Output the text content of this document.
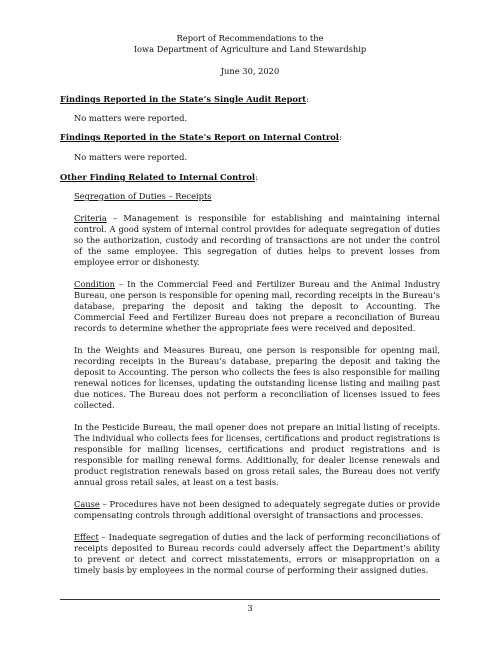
Report of Recommendations to the
Iowa Department of Agriculture and Land Stewardship
June 30, 2020
Findings Reported in the State’s Single Audit Report:
No matters were reported.
Findings Reported in the State’s Report on Internal Control:
No matters were reported.
Other Finding Related to Internal Control:
Segregation of Duties – Receipts
Criteria – Management is responsible for establishing and maintaining internal control. A good system of internal control provides for adequate segregation of duties so the authorization, custody and recording of transactions are not under the control of the same employee. This segregation of duties helps to prevent losses from employee error or dishonesty.
Condition – In the Commercial Feed and Fertilizer Bureau and the Animal Industry Bureau, one person is responsible for opening mail, recording receipts in the Bureau’s database, preparing the deposit and taking the deposit to Accounting. The Commercial Feed and Fertilizer Bureau does not prepare a reconciliation of Bureau records to determine whether the appropriate fees were received and deposited.
In the Weights and Measures Bureau, one person is responsible for opening mail, recording receipts in the Bureau’s database, preparing the deposit and taking the deposit to Accounting. The person who collects the fees is also responsible for mailing renewal notices for licenses, updating the outstanding license listing and mailing past due notices. The Bureau does not perform a reconciliation of licenses issued to fees collected.
In the Pesticide Bureau, the mail opener does not prepare an initial listing of receipts. The individual who collects fees for licenses, certifications and product registrations is responsible for mailing licenses, certifications and product registrations and is responsible for mailing renewal forms. Additionally, for dealer license renewals and product registration renewals based on gross retail sales, the Bureau does not verify annual gross retail sales, at least on a test basis.
Cause – Procedures have not been designed to adequately segregate duties or provide compensating controls through additional oversight of transactions and processes.
Effect – Inadequate segregation of duties and the lack of performing reconciliations of receipts deposited to Bureau records could adversely affect the Department’s ability to prevent or detect and correct misstatements, errors or misappropriation on a timely basis by employees in the normal course of performing their assigned duties.
3
